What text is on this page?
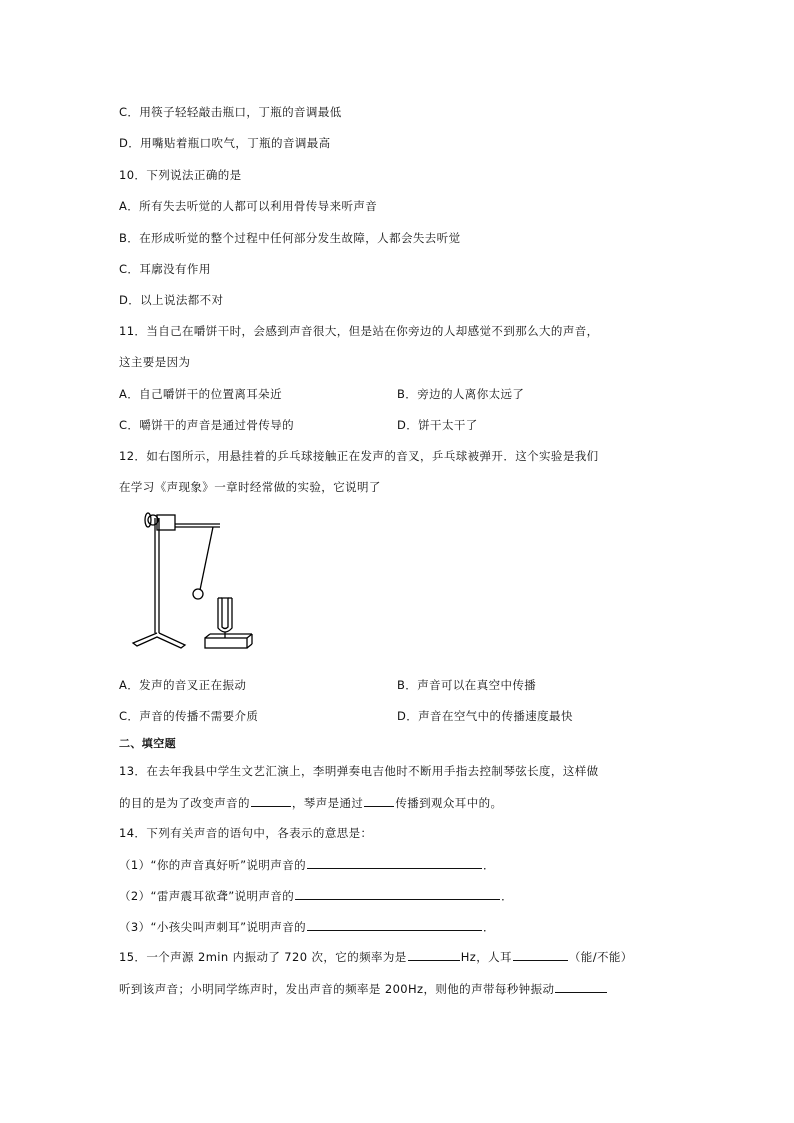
C．用筷子轻轻敲击瓶口，丁瓶的音调最低
D．用嘴贴着瓶口吹气，丁瓶的音调最高
10．下列说法正确的是
A．所有失去听觉的人都可以利用骨传导来听声音
B．在形成听觉的整个过程中任何部分发生故障，人都会失去听觉
C．耳廓没有作用
D．以上说法都不对
11．当自己在嚼饼干时，会感到声音很大，但是站在你旁边的人却感觉不到那么大的声音，
这主要是因为
A．自己嚼饼干的位置离耳朵近	B．旁边的人离你太远了
C．嚼饼干的声音是通过骨传导的	D．饼干太干了
12．如右图所示，用悬挂着的乒乓球接触正在发声的音叉，乒乓球被弹开．这个实验是我们
在学习《声现象》一章时经常做的实验，它说明了
A．发声的音叉正在振动	B．声音可以在真空中传播
C．声音的传播不需要介质	D．声音在空气中的传播速度最快
二、填空题
13．在去年我县中学生文艺汇演上，李明弹奏电吉他时不断用手指去控制琴弦长度，这样做
的目的是为了改变声音的	，琴声是通过	传播到观众耳中的。
14．下列有关声音的语句中，各表示的意思是：
（1）“你的声音真好听”说明声音的	．
（2）“雷声震耳欲聋”说明声音的	．
（3）“小孩尖叫声刺耳”说明声音的	．
15．一个声源 2min 内振动了 720 次，它的频率为是	Hz，人耳	（能/不能）
听到该声音；小明同学练声时，发出声音的频率是 200Hz，则他的声带每秒钟振动
